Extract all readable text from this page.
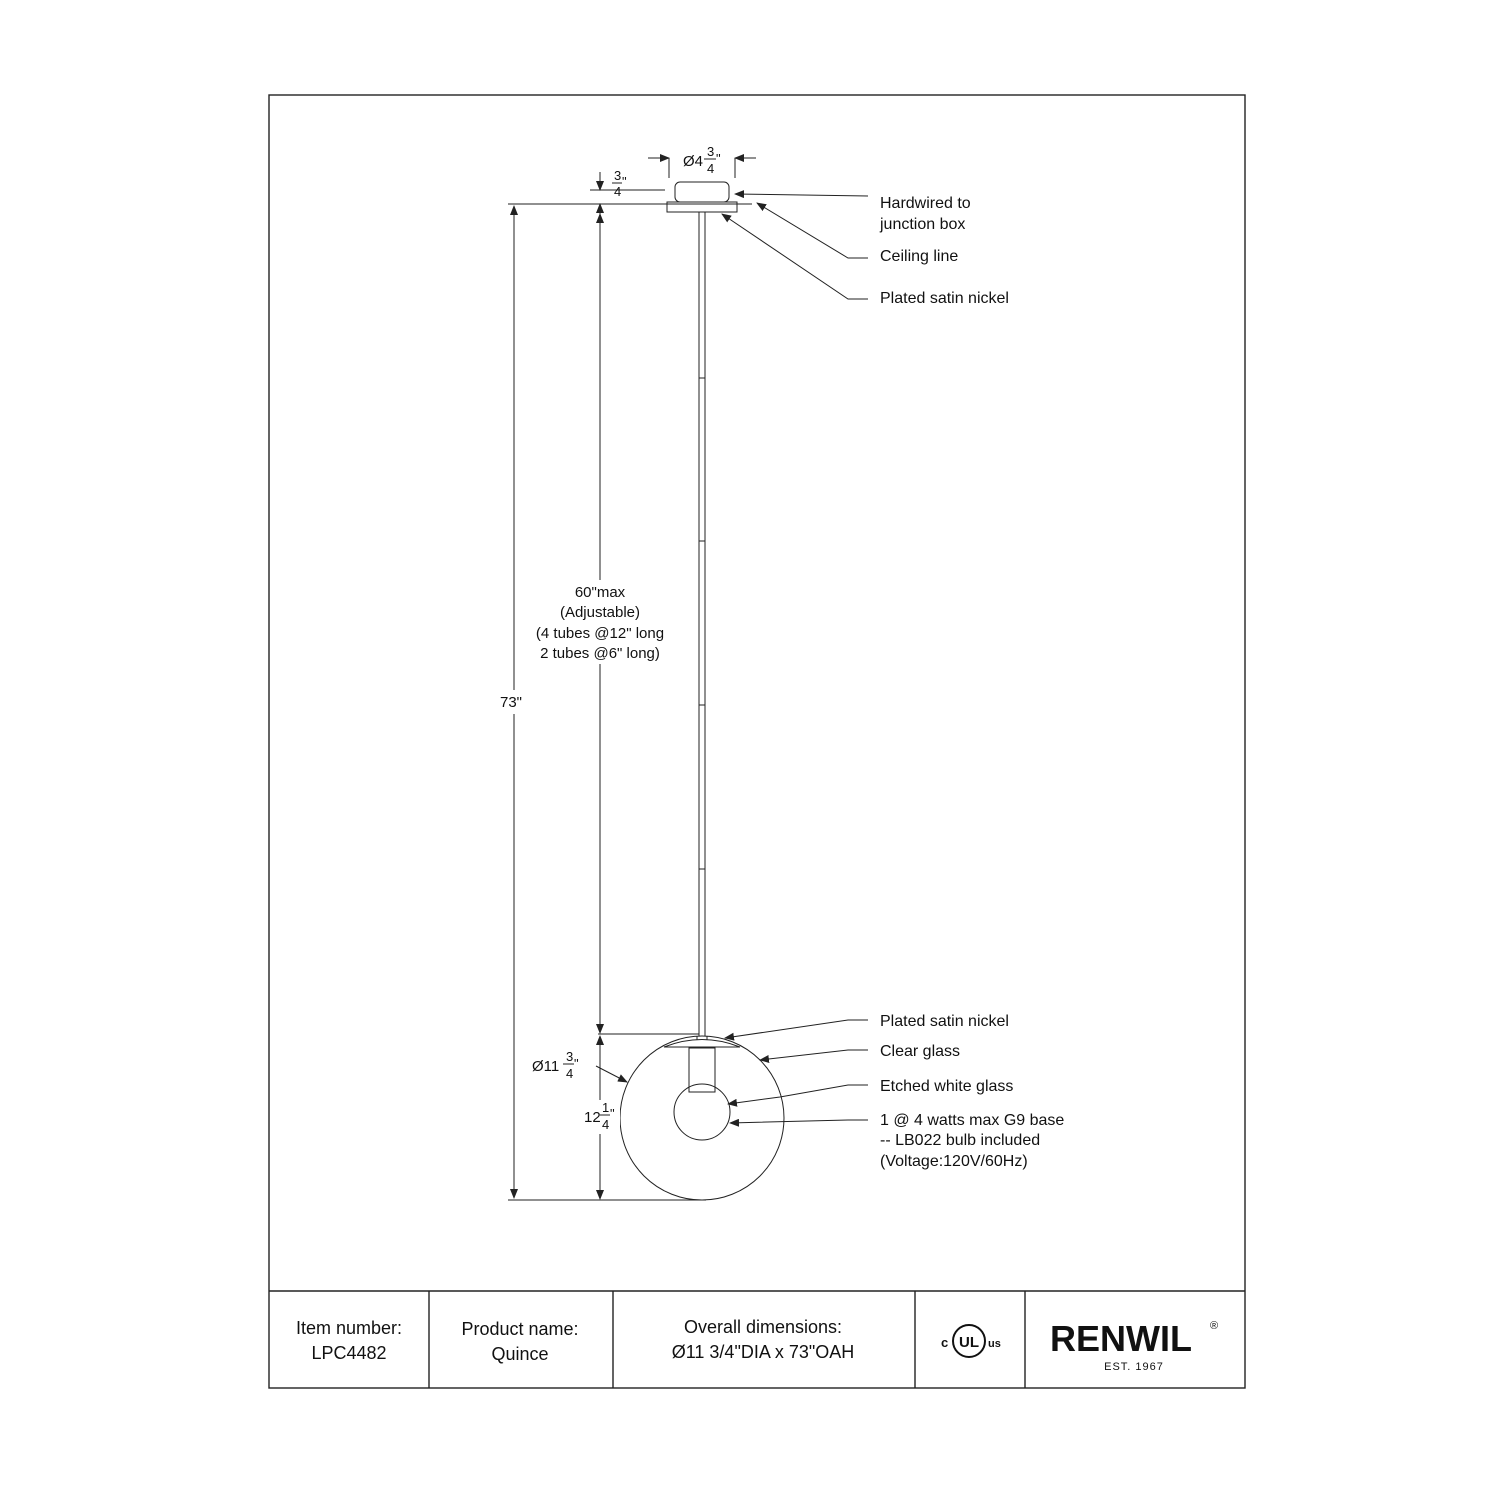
Ø4
3
4
"
3
4
"
73"
60"max
(Adjustable)
(4 tubes @12" long
2 tubes @6" long)
12
1
4
"
Ø11
3
4
"
Hardwired to
junction box
Ceiling line
Plated satin nickel
Plated satin nickel
Clear glass
Etched white glass
1 @ 4 watts max G9 base
-- LB022 bulb included
(Voltage:120V/60Hz)
Item number:
LPC4482
Product name:
Quince
Overall dimensions:
Ø11 3/4"DIA x 73"OAH	UL
c	us RENWIL ®
EST. 1967
